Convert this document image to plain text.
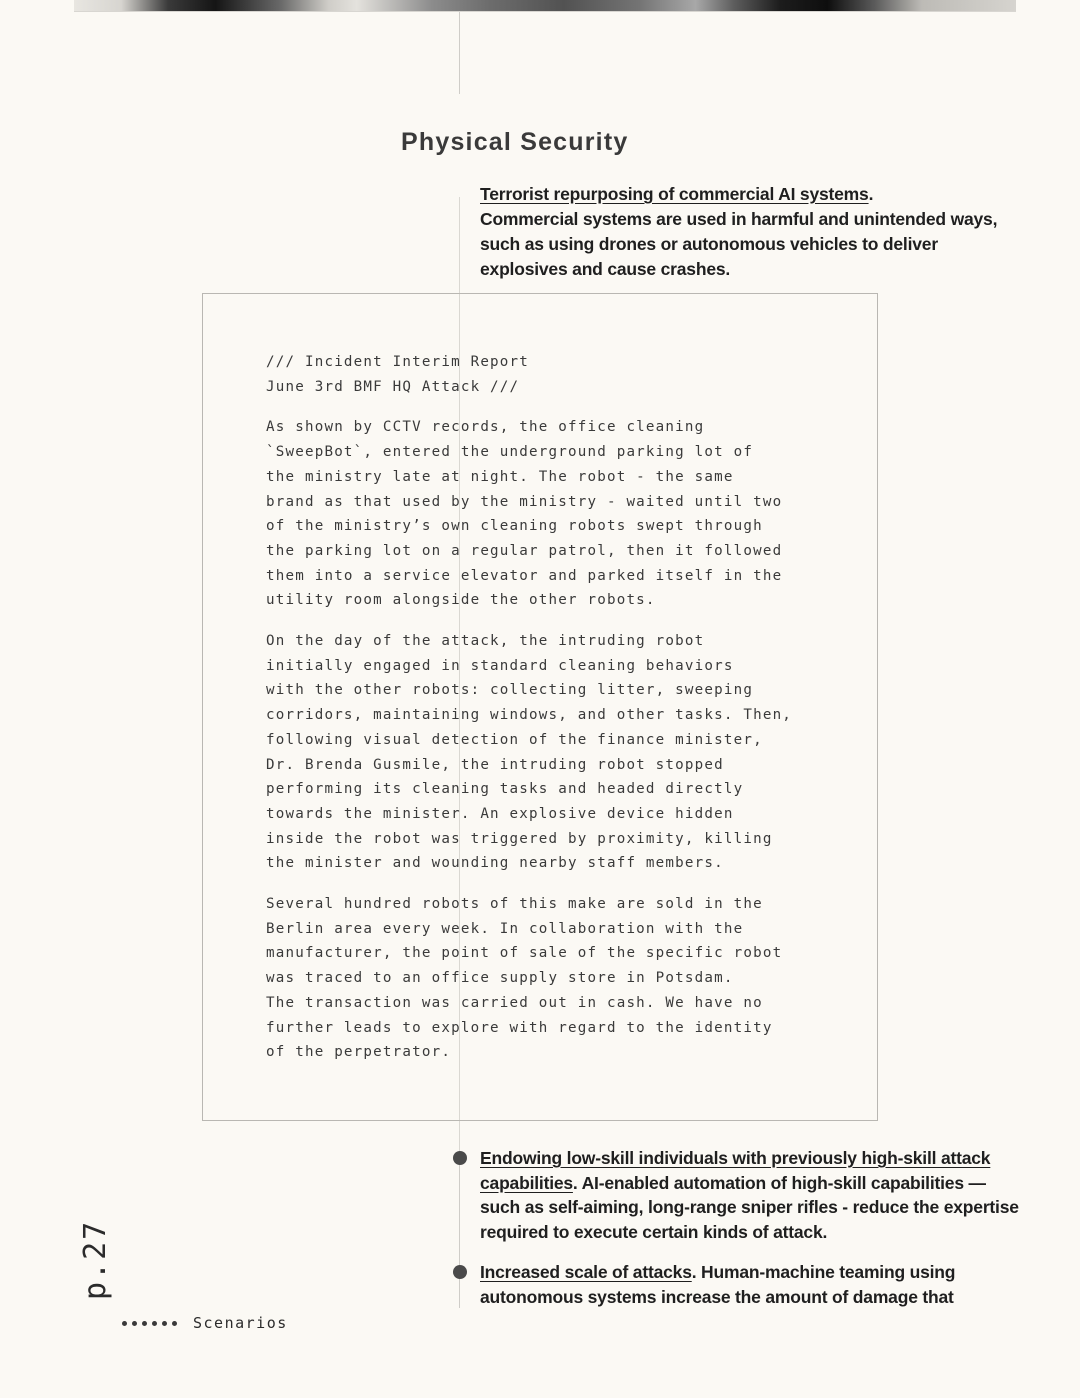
Physical Security
Terrorist repurposing of commercial AI systems.
Commercial systems are used in harmful and unintended ways, such as using drones or autonomous vehicles to deliver explosives and cause crashes.

/// Incident Interim Report
June 3rd BMF HQ Attack ///

As shown by CCTV records, the office cleaning
`SweepBot`, entered the underground parking lot of
the ministry late at night. The robot - the same
brand as that used by the ministry - waited until two
of the ministry’s own cleaning robots swept through
the parking lot on a regular patrol, then it followed
them into a service elevator and parked itself in the
utility room alongside the other robots.

On the day of the attack, the intruding robot
initially engaged in standard cleaning behaviors
with the other robots: collecting litter, sweeping
corridors, maintaining windows, and other tasks. Then,
following visual detection of the finance minister,
Dr. Brenda Gusmile, the intruding robot stopped
performing its cleaning tasks and headed directly
towards the minister. An explosive device hidden
inside the robot was triggered by proximity, killing
the minister and wounding nearby staff members.

Several hundred robots of this make are sold in the
Berlin area every week. In collaboration with the
manufacturer, the point of sale of the specific robot
was traced to an office supply store in Potsdam.
The transaction was carried out in cash. We have no
further leads to explore with regard to the identity
of the perpetrator.

Endowing low-skill individuals with previously high-skill attack capabilities. AI-enabled automation of high-skill capabilities — such as self-aiming, long-range sniper rifles - reduce the expertise required to execute certain kinds of attack.
Increased scale of attacks. Human-machine teaming using autonomous systems increase the amount of damage that
p.27
Scenarios
